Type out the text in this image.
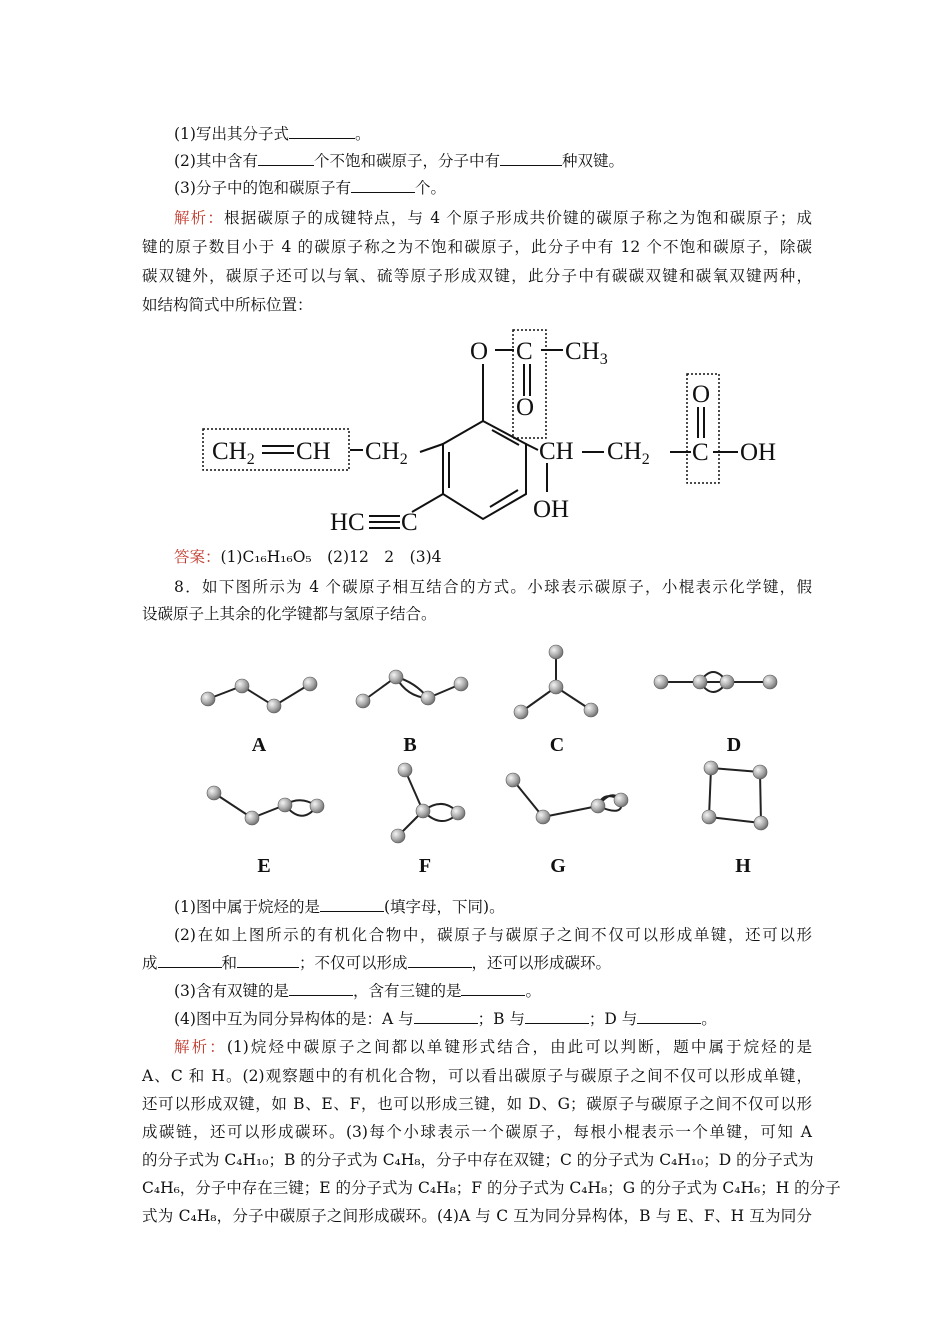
(1)写出其分子式	。
(2)其中含有	个不饱和碳原子，分子中有	种双键。
(3)分子中的饱和碳原子有	个。
解析：根据碳原子的成键特点，与 4 个原子形成共价键的碳原子称之为饱和碳原子；成
键的原子数目小于 4 的碳原子称之为不饱和碳原子，此分子中有 12 个不饱和碳原子，除碳
碳双键外，碳原子还可以与氧、硫等原子形成双键，此分子中有碳碳双键和碳氧双键两种，
如结构简式中所标位置：
O C $CH_3$
O
$CH_2$ CH $CH_2$	CH $CH_2$ C OH
O
OH
HC C
答案：(1)C₁₆H₁₆O₅　(2)12　2　(3)4
8．如下图所示为 4 个碳原子相互结合的方式。小球表示碳原子，小棍表示化学键，假
设碳原子上其余的化学键都与氢原子结合。
A	B	C	D
E	F	G	H
(1)图中属于烷烃的是	(填字母，下同)。
(2)在如上图所示的有机化合物中，碳原子与碳原子之间不仅可以形成单键，还可以形
成	和	；不仅可以形成	，还可以形成碳环。
(3)含有双键的是	，含有三键的是	。
(4)图中互为同分异构体的是：A 与	；B 与	；D 与	。
解析：(1)烷烃中碳原子之间都以单键形式结合，由此可以判断，题中属于烷烃的是
A、C 和 H。(2)观察题中的有机化合物，可以看出碳原子与碳原子之间不仅可以形成单键，
还可以形成双键，如 B、E、F，也可以形成三键，如 D、G；碳原子与碳原子之间不仅可以形
成碳链，还可以形成碳环。(3)每个小球表示一个碳原子，每根小棍表示一个单键，可知 A
的分子式为 C₄H₁₀；B 的分子式为 C₄H₈，分子中存在双键；C 的分子式为 C₄H₁₀；D 的分子式为
C₄H₆，分子中存在三键；E 的分子式为 C₄H₈；F 的分子式为 C₄H₈；G 的分子式为 C₄H₆；H 的分子
式为 C₄H₈，分子中碳原子之间形成碳环。(4)A 与 C 互为同分异构体，B 与 E、F、H 互为同分
